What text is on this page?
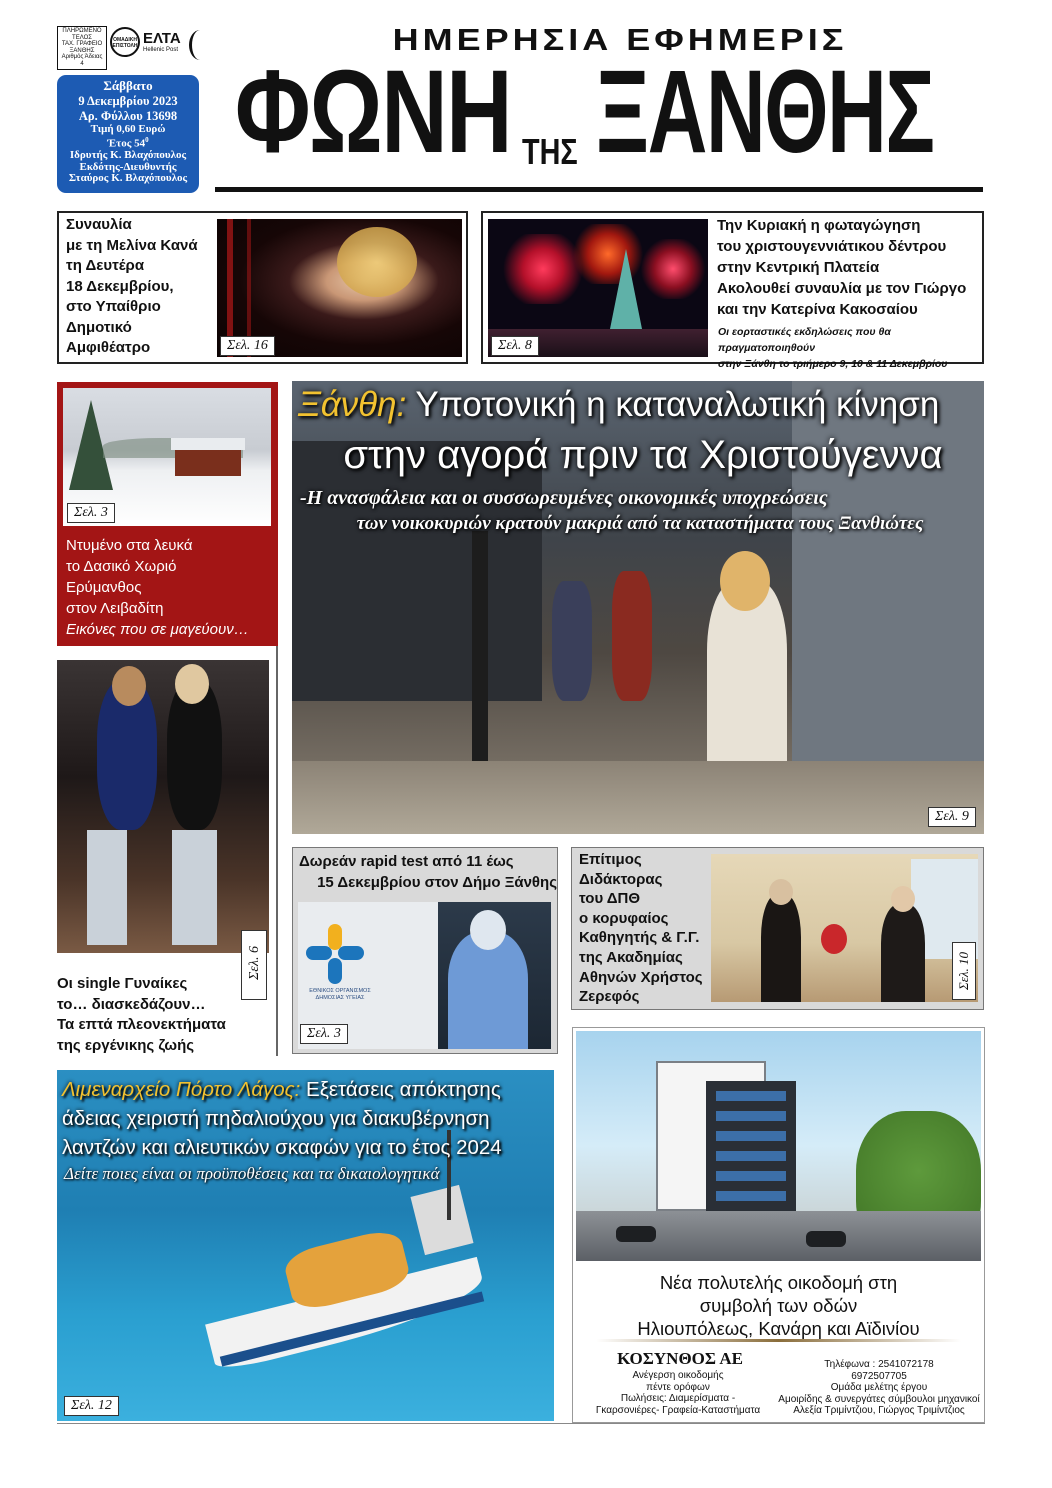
ΠΛΗΡΩΜΕΝΟ
ΤΕΛΟΣ
ΤΑΧ. ΓΡΑΦΕΙΟ
ΞΑΝΘΗΣ
Αριθμός Άδειας
4
ΟΜΑΔΙΚΗ ΕΠΙΣΤΟΛΗ ΕΛΤΑ
Hellenic Post
Σάββατο
9 Δεκεμβρίου 2023
Αρ. Φύλλου 13698
Τιμή 0,60 Ευρώ
Έτος $54^0$
Ιδρυτής Κ. Βλαχόπουλος
Εκδότης-Διευθυντής
Σταύρος Κ. Βλαχόπουλος
ΗΜΕΡΗΣΙΑ ΕΦΗΜΕΡΙΣ
ΦΩΝΗ ΤΗΣ ΞΑΝΘΗΣ
Συναυλία
με τη Μελίνα Κανά
τη Δευτέρα
18 Δεκεμβρίου,
στο Υπαίθριο
Δημοτικό
Αμφιθέατρο	Σελ. 16	Σελ. 8
Την Κυριακή η φωταγώγηση
του χριστουγεννιάτικου δέντρου
στην Κεντρική Πλατεία
Ακολουθεί συναυλία με τον Γιώργο
και την Κατερίνα Κακοσαίου
Οι εορταστικές εκδηλώσεις που θα πραγματοποιηθούν
στην Ξάνθη το τριήμερο 9, 10 & 11 Δεκεμβρίου
Σελ. 3
Ντυμένο στα λευκά
το Δασικό Χωριό
Ερύμανθος
στον Λειβαδίτη
Εικόνες που σε μαγεύουν…
Σελ. 6
Οι single Γυναίκες
το… διασκεδάζουν…
Τα επτά πλεονεκτήματα
της εργένικης ζωής
Ξάνθη: Υποτονική η καταναλωτική κίνηση
στην αγορά πριν τα Χριστούγεννα
-Η ανασφάλεια και οι συσσωρευμένες οικονομικές υποχρεώσεις
των νοικοκυριών κρατούν μακριά από τα καταστήματα τους Ξανθιώτες
Σελ. 9
Δωρεάν rapid test από 11 έως
15 Δεκεμβρίου στον Δήμο Ξάνθης
ΕΘΝΙΚΟΣ ΟΡΓΑΝΙΣΜΟΣ
ΔΗΜΟΣΙΑΣ ΥΓΕΙΑΣ
Σελ. 3
Επίτιμος
Διδάκτορας
του ΔΠΘ
ο κορυφαίος
Καθηγητής & Γ.Γ.
της Ακαδημίας
Αθηνών Χρήστος
Ζερεφός
Σελ. 10
Λιμεναρχείο Πόρτο Λάγος: Εξετάσεις απόκτησης
άδειας χειριστή πηδαλιούχου για διακυβέρνηση
λαντζών και αλιευτικών σκαφών για το έτος 2024
Δείτε ποιες είναι οι προϋποθέσεις και τα δικαιολογητικά
Σελ. 12
Νέα πολυτελής οικοδομή στη
συμβολή των οδών
Ηλιουπόλεως, Κανάρη και Αϊδινίου
ΚΟΣΥΝΘΟΣ ΑΕ
Ανέγερση οικοδομής
πέντε ορόφων
Πωλήσεις: Διαμερίσματα -
Γκαρσονιέρες- Γραφεία-Καταστήματα
Τηλέφωνα : 2541072178
6972507705
Ομάδα μελέτης έργου
Αμοιρίδης & συνεργάτες σύμβουλοι μηχανικοί
Αλεξία Τριμίντζιου, Γιώργος Τριμίντζιος
